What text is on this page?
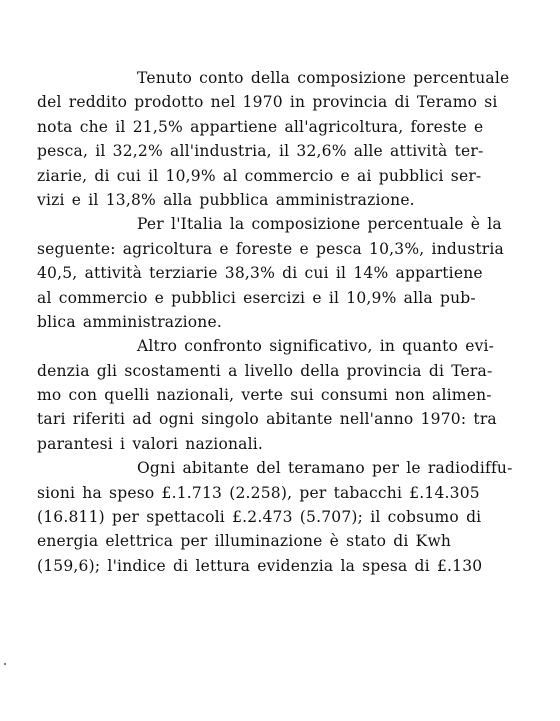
Tenuto conto della composizione percentuale
del reddito prodotto nel 1970 in provincia di Teramo si
nota che il 21,5% appartiene all'agricoltura, foreste e
pesca, il 32,2% all'industria, il 32,6% alle attività ter-
ziarie, di cui il 10,9% al commercio e ai pubblici ser-
vizi e il 13,8% alla pubblica amministrazione.
Per l'Italia la composizione percentuale è la
seguente: agricoltura e foreste e pesca 10,3%, industria
40,5, attività terziarie 38,3% di cui il 14% appartiene
al commercio e pubblici esercizi e il 10,9% alla pub-
blica amministrazione.
Altro confronto significativo, in quanto evi-
denzia gli scostamenti a livello della provincia di Tera-
mo con quelli nazionali, verte sui consumi non alimen-
tari riferiti ad ogni singolo abitante nell'anno 1970: tra
parantesi i valori nazionali.
Ogni abitante del teramano per le radiodiffu-
sioni ha speso £.1.713 (2.258), per tabacchi £.14.305
(16.811) per spettacoli £.2.473 (5.707); il cobsumo di
energia elettrica per illuminazione è stato di Kwh
(159,6); l'indice di lettura evidenzia la spesa di £.130
